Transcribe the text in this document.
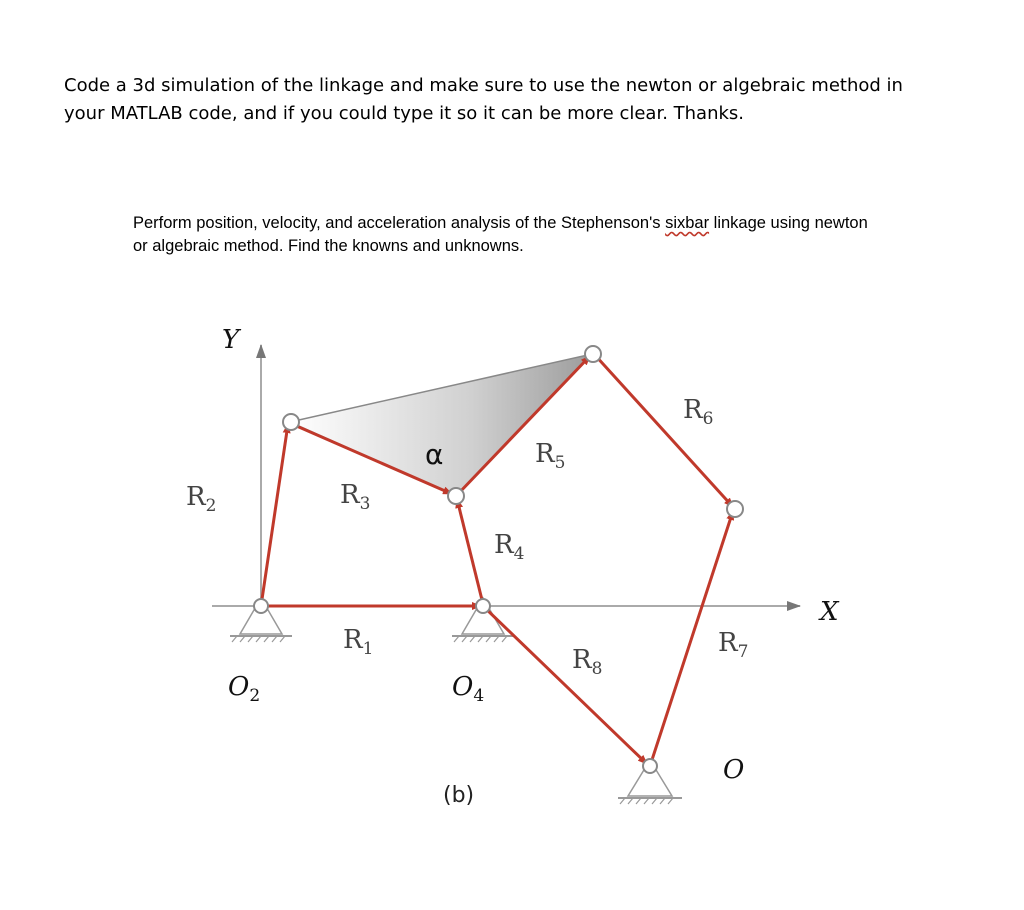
Code a 3d simulation of the linkage and make sure to use the newton or algebraic method in
your MATLAB code, and if you could type it so it can be more clear. Thanks.
Perform position, velocity, and acceleration analysis of the Stephenson's sixbar linkage using newton
or algebraic method. Find the knowns and unknowns.
Y
X
$R_2$	$R_3$
$R_1$
$R_4$
$R_5$
$R_6$
$R_7$
$R_8$
α
$O_2$	$O_4$
O
(b)
